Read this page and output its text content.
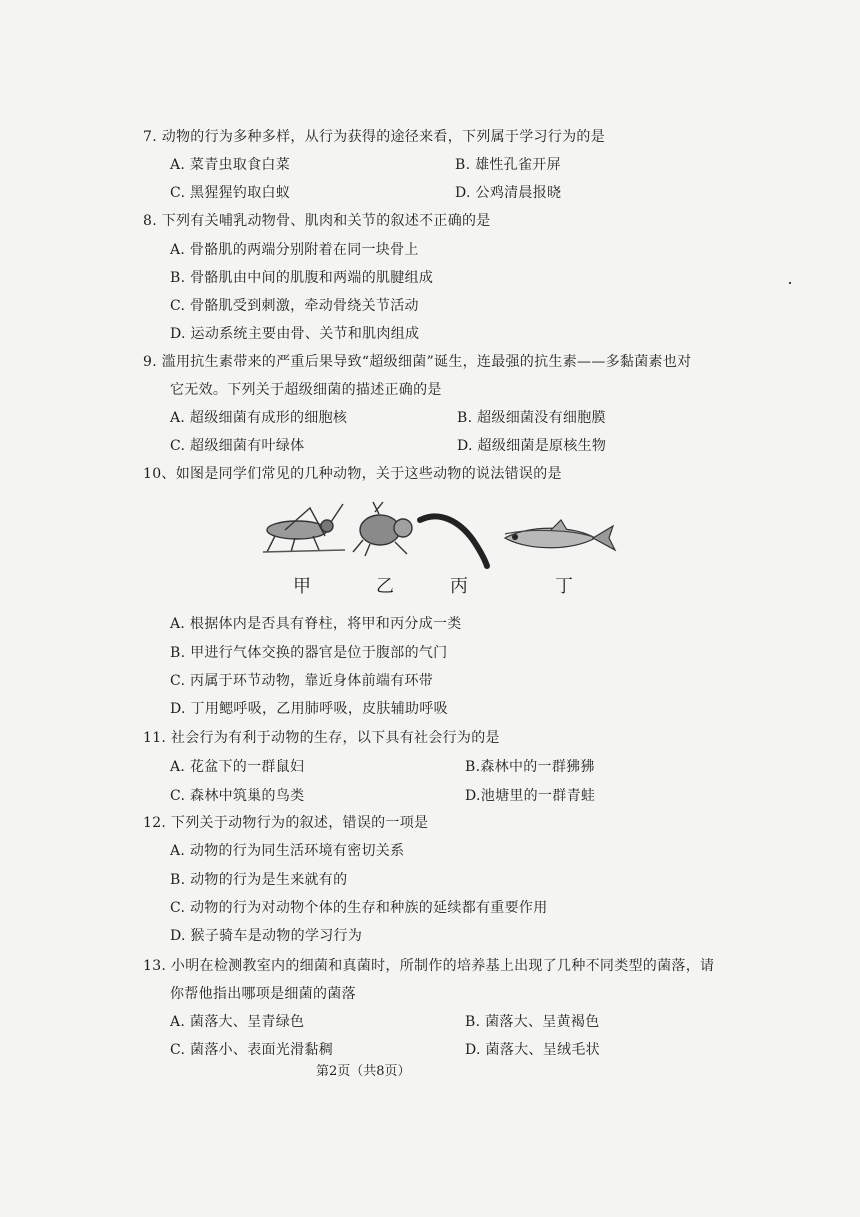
7. 动物的行为多种多样，从行为获得的途径来看，下列属于学习行为的是
A. 菜青虫取食白菜	B. 雄性孔雀开屏
C. 黑猩猩钓取白蚁	D. 公鸡清晨报晓
8. 下列有关哺乳动物骨、肌肉和关节的叙述不正确的是
A. 骨骼肌的两端分别附着在同一块骨上
B. 骨骼肌由中间的肌腹和两端的肌腱组成
C. 骨骼肌受到刺激，牵动骨绕关节活动
D. 运动系统主要由骨、关节和肌肉组成
9. 滥用抗生素带来的严重后果导致“超级细菌”诞生，连最强的抗生素——多黏菌素也对
它无效。下列关于超级细菌的描述正确的是
A. 超级细菌有成形的细胞核	B. 超级细菌没有细胞膜
C. 超级细菌有叶绿体	D. 超级细菌是原核生物
10、如图是同学们常见的几种动物，关于这些动物的说法错误的是
甲	乙	丙	丁
A. 根据体内是否具有脊柱，将甲和丙分成一类
B. 甲进行气体交换的器官是位于腹部的气门
C. 丙属于环节动物，靠近身体前端有环带
D. 丁用鳃呼吸，乙用肺呼吸，皮肤辅助呼吸
11. 社会行为有利于动物的生存，以下具有社会行为的是
A. 花盆下的一群鼠妇	B.森林中的一群狒狒
C. 森林中筑巢的鸟类	D.池塘里的一群青蛙
12. 下列关于动物行为的叙述，错误的一项是
A. 动物的行为同生活环境有密切关系
B. 动物的行为是生来就有的
C. 动物的行为对动物个体的生存和种族的延续都有重要作用
D. 猴子骑车是动物的学习行为
13. 小明在检测教室内的细菌和真菌时，所制作的培养基上出现了几种不同类型的菌落，请
你帮他指出哪项是细菌的菌落
A. 菌落大、呈青绿色	B. 菌落大、呈黄褐色
C. 菌落小、表面光滑黏稠	D. 菌落大、呈绒毛状
第2页（共8页）
